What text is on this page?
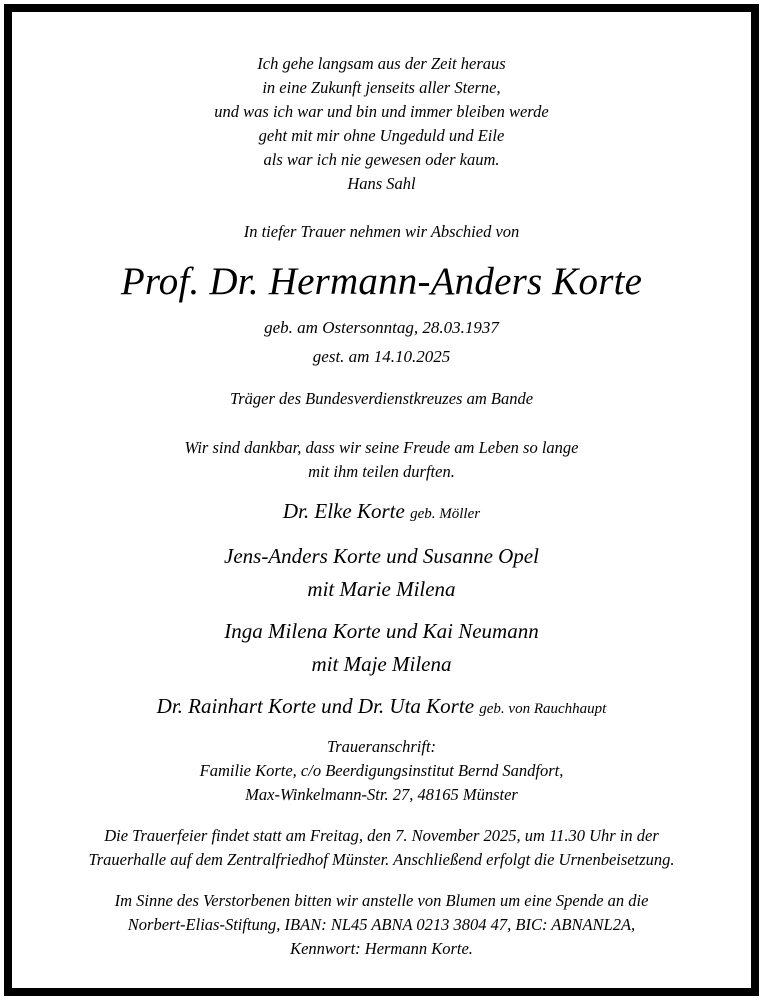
Ich gehe langsam aus der Zeit heraus

in eine Zukunft jenseits aller Sterne,

und was ich war und bin und immer bleiben werde

geht mit mir ohne Ungeduld und Eile

als war ich nie gewesen oder kaum.

Hans Sahl

In tiefer Trauer nehmen wir Abschied von

Prof. Dr. Hermann-Anders Korte

geb. am Ostersonntag, 28.03.1937

gest. am 14.10.2025

Träger des Bundesverdienstkreuzes am Bande

Wir sind dankbar, dass wir seine Freude am Leben so lange

mit ihm teilen durften.

Dr. Elke Korte geb. Möller

Jens-Anders Korte und Susanne Opel

mit Marie Milena

Inga Milena Korte und Kai Neumann

mit Maje Milena

Dr. Rainhart Korte und Dr. Uta Korte geb. von Rauchhaupt

Traueranschrift:

Familie Korte, c/o Beerdigungsinstitut Bernd Sandfort,

Max-Winkelmann-Str. 27, 48165 Münster

Die Trauerfeier findet statt am Freitag, den 7. November 2025, um 11.30 Uhr in der

Trauerhalle auf dem Zentralfriedhof Münster. Anschließend erfolgt die Urnenbeisetzung.

Im Sinne des Verstorbenen bitten wir anstelle von Blumen um eine Spende an die

Norbert-Elias-Stiftung, IBAN: NL45 ABNA 0213 3804 47, BIC: ABNANL2A,

Kennwort: Hermann Korte.
